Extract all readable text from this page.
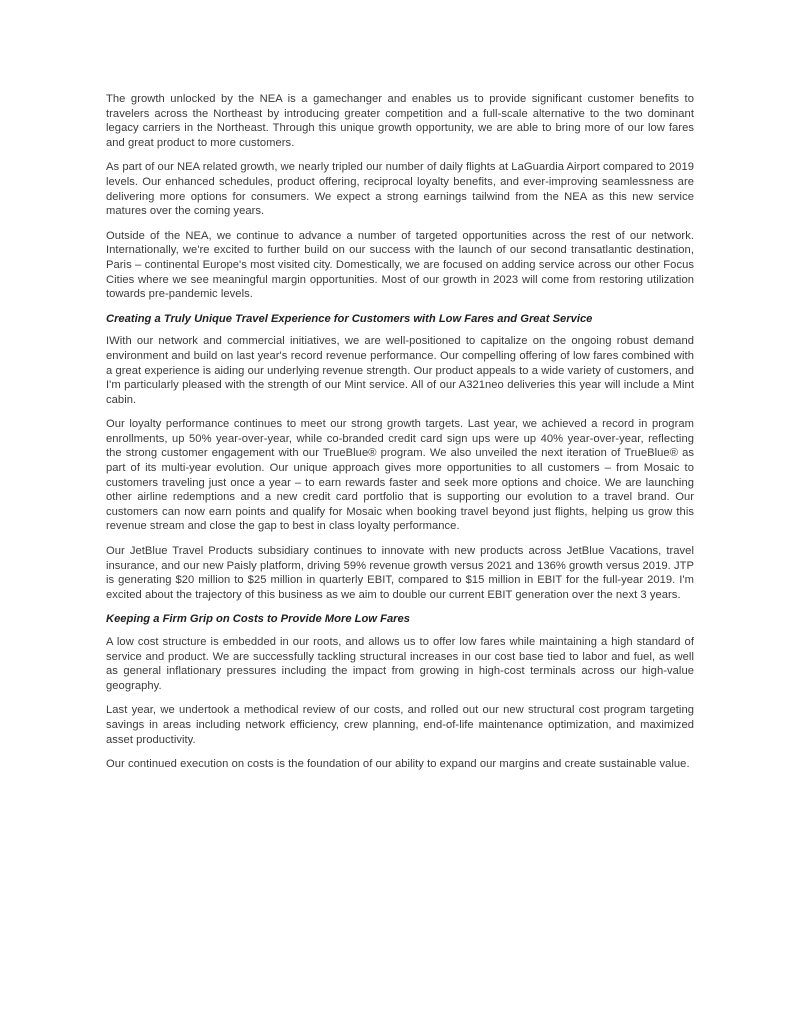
The growth unlocked by the NEA is a gamechanger and enables us to provide significant customer benefits to travelers across the Northeast by introducing greater competition and a full-scale alternative to the two dominant legacy carriers in the Northeast. Through this unique growth opportunity, we are able to bring more of our low fares and great product to more customers.

As part of our NEA related growth, we nearly tripled our number of daily flights at LaGuardia Airport compared to 2019 levels. Our enhanced schedules, product offering, reciprocal loyalty benefits, and ever-improving seamlessness are delivering more options for consumers. We expect a strong earnings tailwind from the NEA as this new service matures over the coming years.

Outside of the NEA, we continue to advance a number of targeted opportunities across the rest of our network. Internationally, we're excited to further build on our success with the launch of our second transatlantic destination, Paris – continental Europe's most visited city. Domestically, we are focused on adding service across our other Focus Cities where we see meaningful margin opportunities. Most of our growth in 2023 will come from restoring utilization towards pre-pandemic levels.

Creating a Truly Unique Travel Experience for Customers with Low Fares and Great Service

IWith our network and commercial initiatives, we are well-positioned to capitalize on the ongoing robust demand environment and build on last year's record revenue performance. Our compelling offering of low fares combined with a great experience is aiding our underlying revenue strength. Our product appeals to a wide variety of customers, and I'm particularly pleased with the strength of our Mint service. All of our A321neo deliveries this year will include a Mint cabin.

Our loyalty performance continues to meet our strong growth targets. Last year, we achieved a record in program enrollments, up 50% year-over-year, while co-branded credit card sign ups were up 40% year-over-year, reflecting the strong customer engagement with our TrueBlue® program. We also unveiled the next iteration of TrueBlue® as part of its multi-year evolution. Our unique approach gives more opportunities to all customers – from Mosaic to customers traveling just once a year – to earn rewards faster and seek more options and choice. We are launching other airline redemptions and a new credit card portfolio that is supporting our evolution to a travel brand. Our customers can now earn points and qualify for Mosaic when booking travel beyond just flights, helping us grow this revenue stream and close the gap to best in class loyalty performance.

Our JetBlue Travel Products subsidiary continues to innovate with new products across JetBlue Vacations, travel insurance, and our new Paisly platform, driving 59% revenue growth versus 2021 and 136% growth versus 2019. JTP is generating $20 million to $25 million in quarterly EBIT, compared to $15 million in EBIT for the full-year 2019. I'm excited about the trajectory of this business as we aim to double our current EBIT generation over the next 3 years.

Keeping a Firm Grip on Costs to Provide More Low Fares

A low cost structure is embedded in our roots, and allows us to offer low fares while maintaining a high standard of service and product. We are successfully tackling structural increases in our cost base tied to labor and fuel, as well as general inflationary pressures including the impact from growing in high-cost terminals across our high-value geography.

Last year, we undertook a methodical review of our costs, and rolled out our new structural cost program targeting savings in areas including network efficiency, crew planning, end-of-life maintenance optimization, and maximized asset productivity.

Our continued execution on costs is the foundation of our ability to expand our margins and create sustainable value.
